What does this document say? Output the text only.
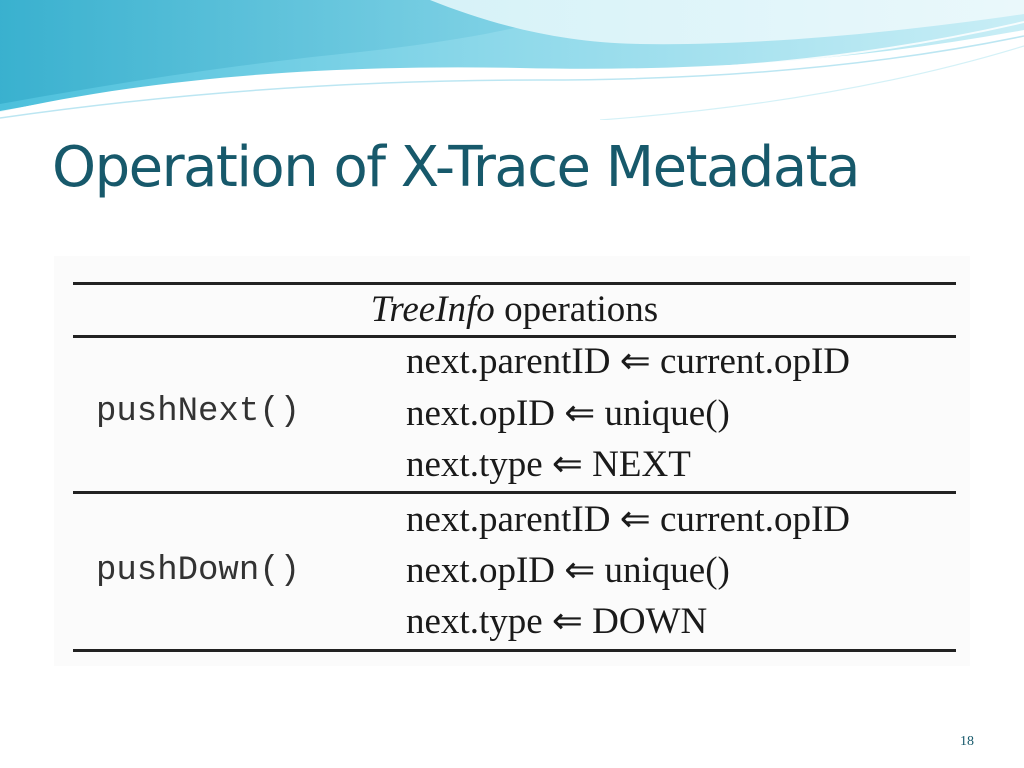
Operation of X-Trace Metadata
TreeInfo operations
pushNext()
next.parentID ⇐ current.opID
next.opID ⇐ unique()
next.type ⇐ NEXT
pushDown()
next.parentID ⇐ current.opID
next.opID ⇐ unique()
next.type ⇐ DOWN
18
